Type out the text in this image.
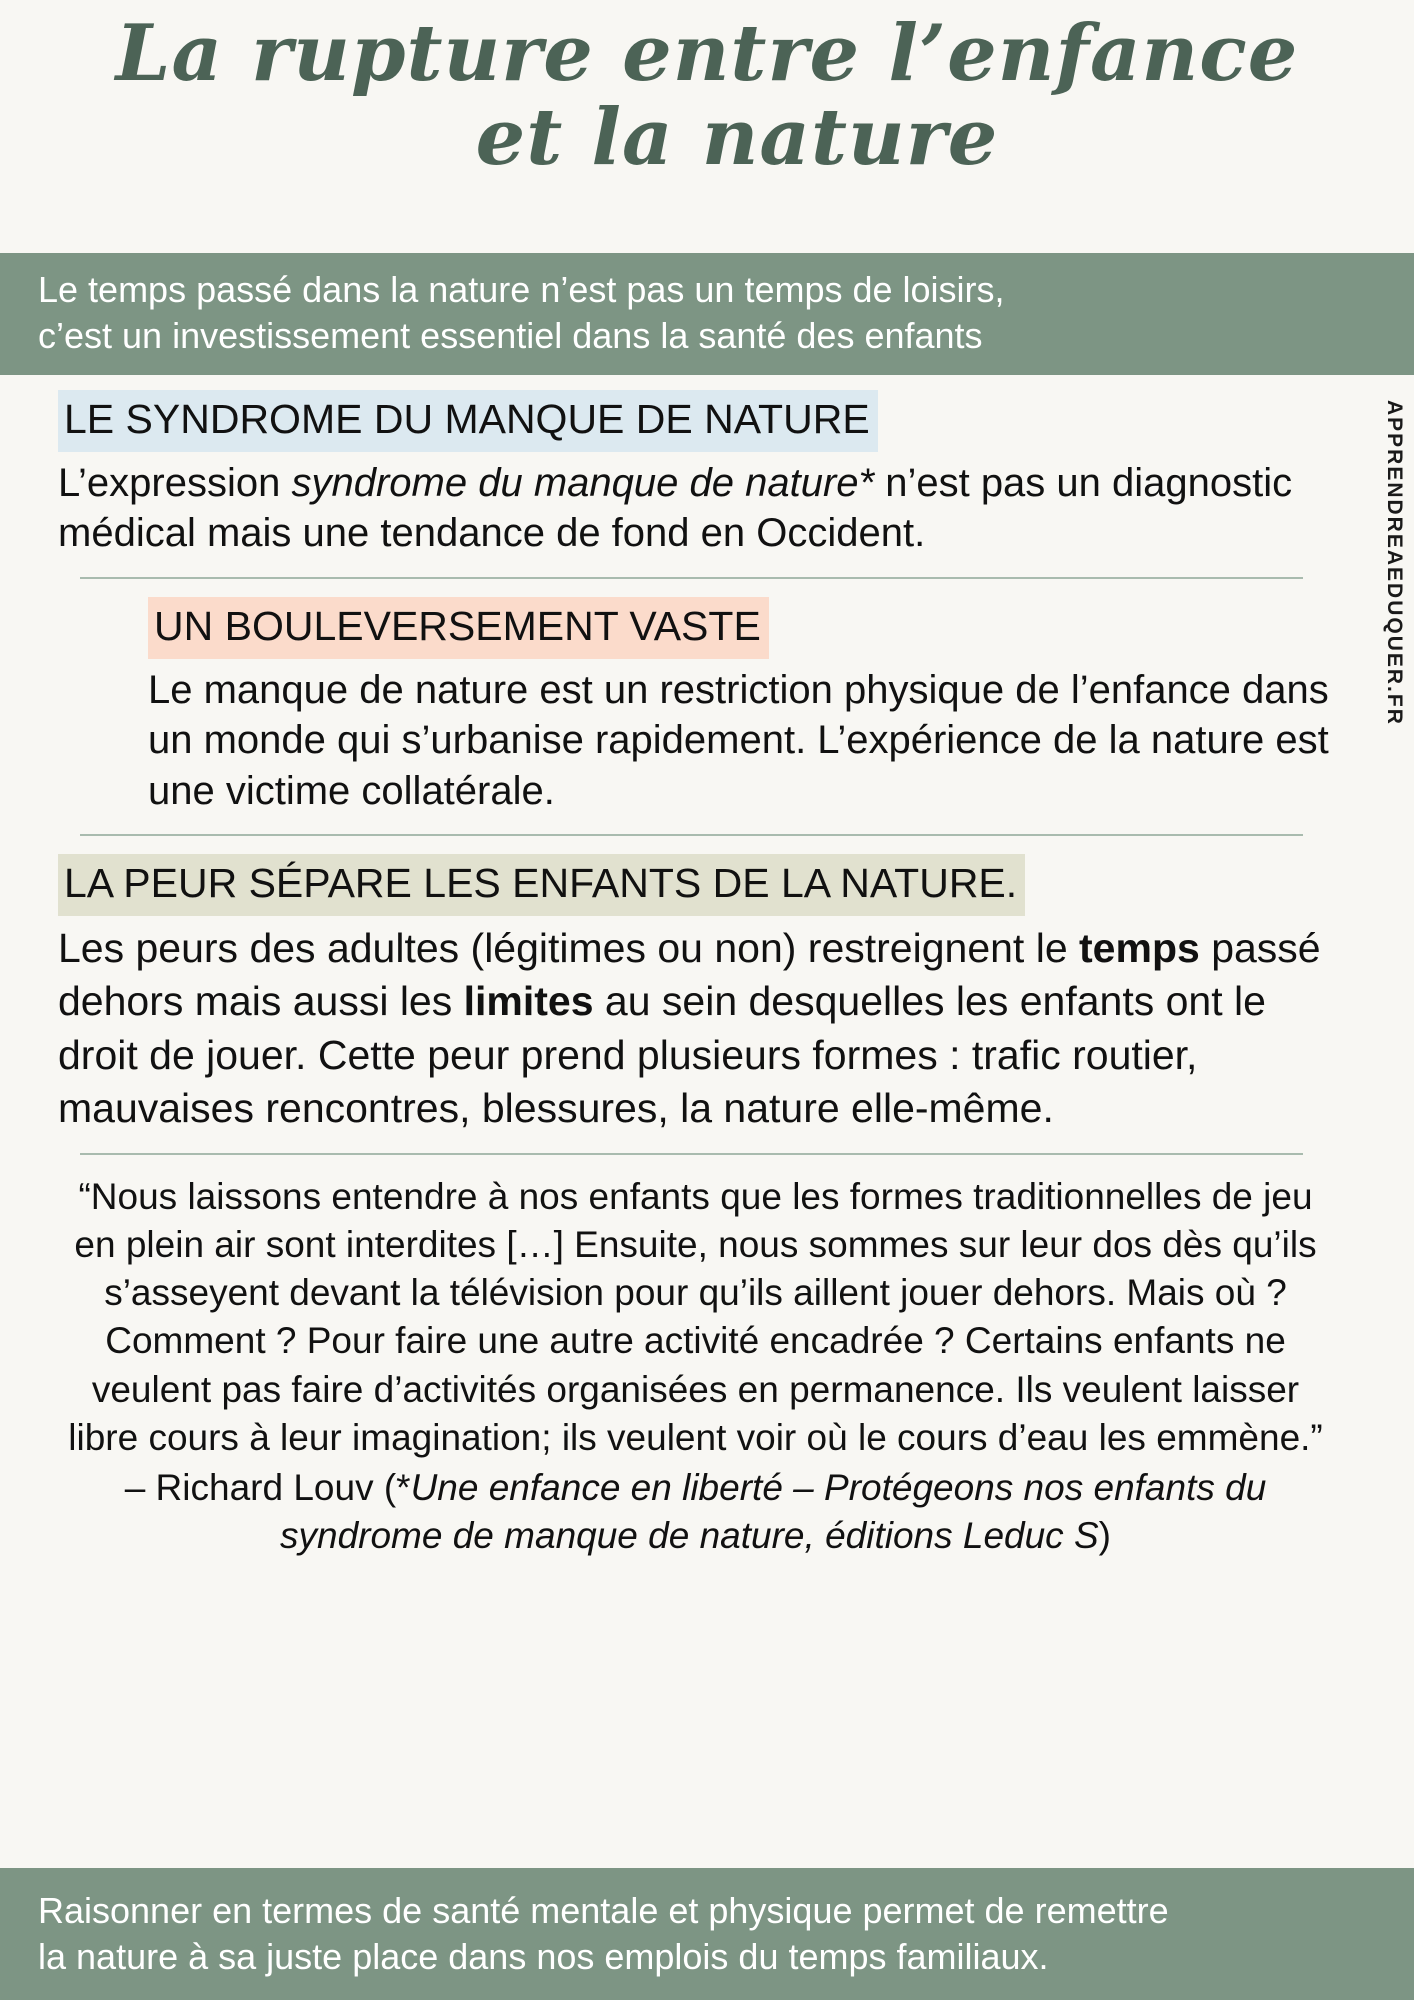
La rupture entre l’enfance
et la nature
Le temps passé dans la nature n’est pas un temps de loisirs,
c’est un investissement essentiel dans la santé des enfants
APPRENDREAEDUQUER.FR
LE SYNDROME DU MANQUE DE NATURE
L’expression syndrome du manque de nature* n’est pas un diagnostic médical mais une tendance de fond en Occident.
UN BOULEVERSEMENT VASTE
Le manque de nature est un restriction physique de l’enfance dans un monde qui s’urbanise rapidement. L’expérience de la nature est une victime collatérale.
LA PEUR SÉPARE LES ENFANTS DE LA NATURE.
Les peurs des adultes (légitimes ou non) restreignent le temps passé dehors mais aussi les limites au sein desquelles les enfants ont le droit de jouer. Cette peur prend plusieurs formes : trafic routier, mauvaises rencontres, blessures, la nature elle-même.
“Nous laissons entendre à nos enfants que les formes traditionnelles de jeu en plein air sont interdites […] Ensuite, nous sommes sur leur dos dès qu’ils s’asseyent devant la télévision pour qu’ils aillent jouer dehors. Mais où ? Comment ? Pour faire une autre activité encadrée ? Certains enfants ne veulent pas faire d’activités organisées en permanence. Ils veulent laisser libre cours à leur imagination; ils veulent voir où le cours d’eau les emmène.”
– Richard Louv (*Une enfance en liberté – Protégeons nos enfants du syndrome de manque de nature, éditions Leduc S)
Raisonner en termes de santé mentale et physique permet de remettre
la nature à sa juste place dans nos emplois du temps familiaux.
